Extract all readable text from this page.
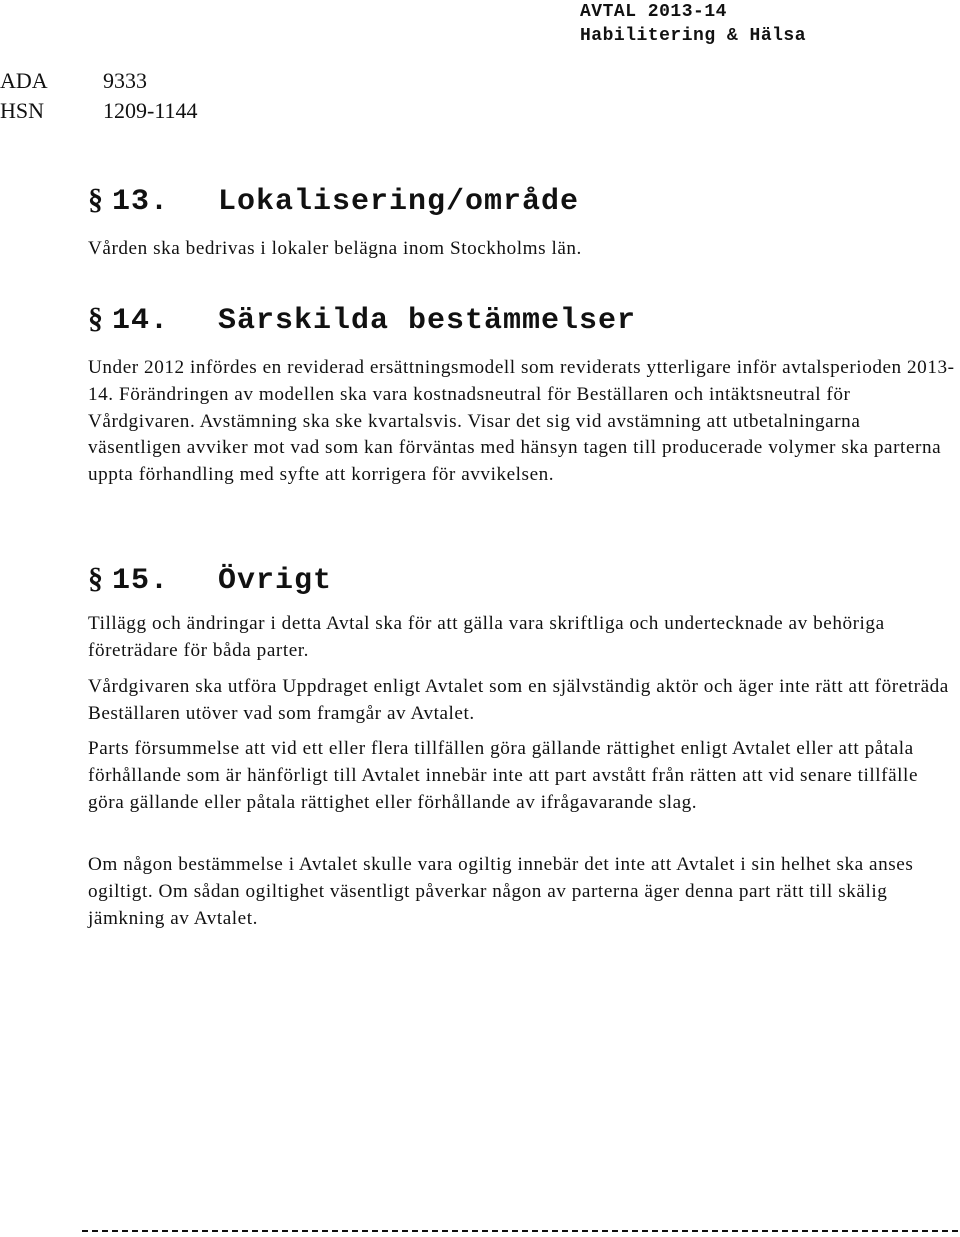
AVTAL 2013-14
Habilitering & Hälsa
ADA	9333
HSN	1209-1144
§ 13.	Lokalisering/område

Vården ska bedrivas i lokaler belägna inom Stockholms län.

§ 14.	Särskilda bestämmelser

Under 2012 infördes en reviderad ersättningsmodell som reviderats ytterligare inför avtalsperioden 2013-14. Förändringen av modellen ska vara kostnadsneutral för Beställaren och intäktsneutral för Vårdgivaren. Avstämning ska ske kvartalsvis. Visar det sig vid avstämning att utbetalningarna väsentligen avviker mot vad som kan förväntas med hänsyn tagen till producerade volymer ska parterna uppta förhandling med syfte att korrigera för avvikelsen.

§ 15.	Övrigt

Tillägg och ändringar i detta Avtal ska för att gälla vara skriftliga och undertecknade av behöriga företrädare för båda parter.

Vårdgivaren ska utföra Uppdraget enligt Avtalet som en självständig aktör och äger inte rätt att företräda Beställaren utöver vad som framgår av Avtalet.

Parts försummelse att vid ett eller flera tillfällen göra gällande rättighet enligt Avtalet eller att påtala förhållande som är hänförligt till Avtalet innebär inte att part avstått från rätten att vid senare tillfälle göra gällande eller påtala rättighet eller förhållande av ifrågavarande slag.

Om någon bestämmelse i Avtalet skulle vara ogiltig innebär det inte att Avtalet i sin helhet ska anses ogiltigt. Om sådan ogiltighet väsentligt påverkar någon av parterna äger denna part rätt till skälig jämkning av Avtalet.
